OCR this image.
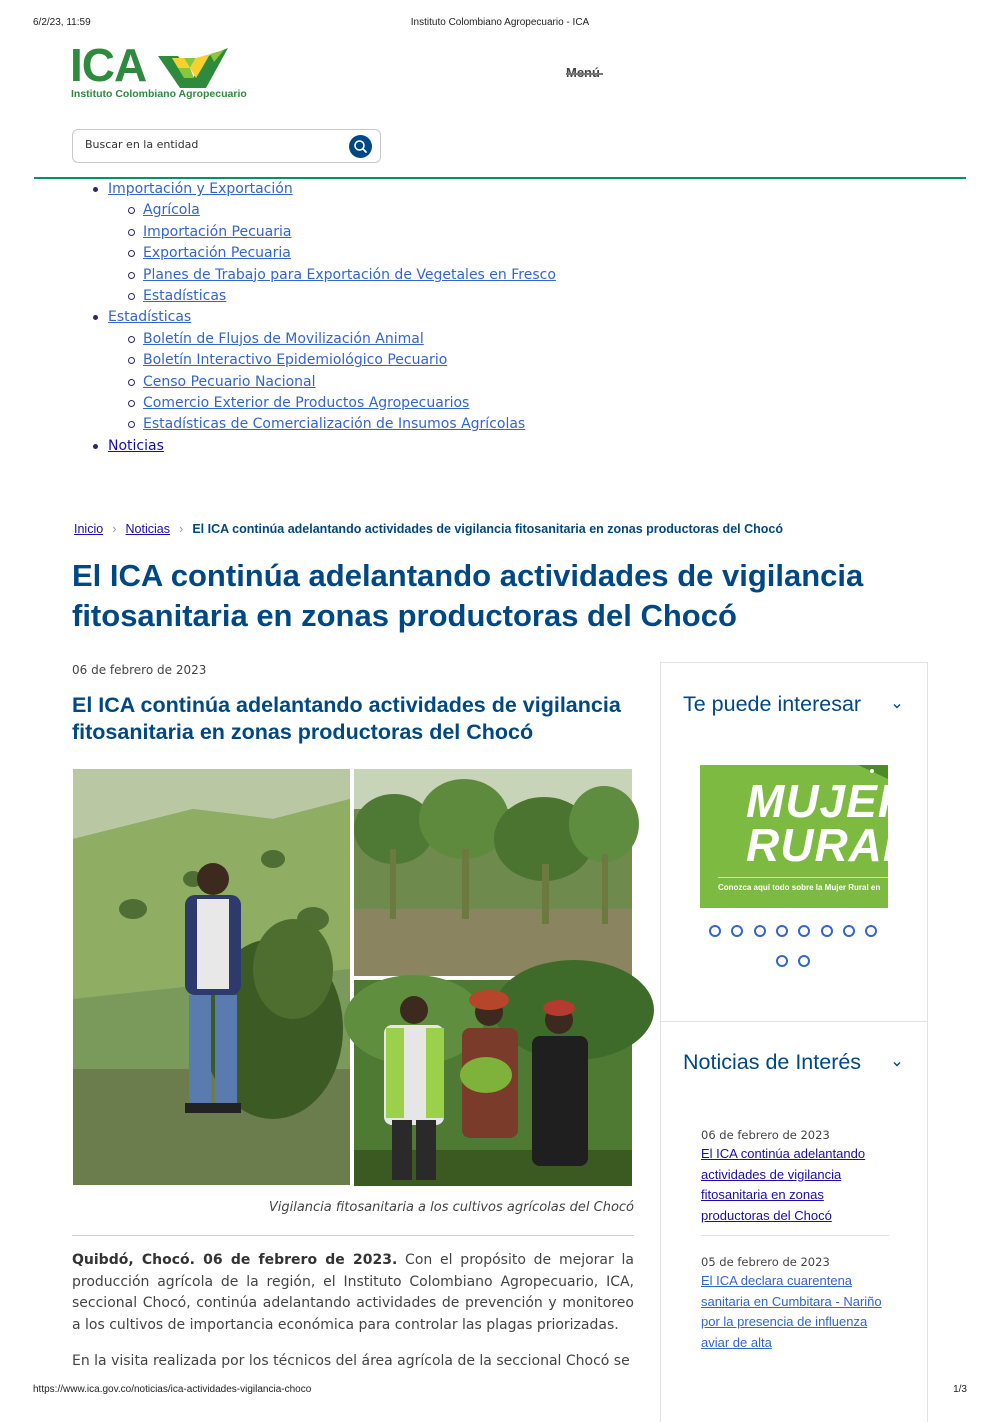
6/2/23, 11:59	Instituto Colombiano Agropecuario - ICA
ICA
Instituto Colombiano Agropecuario
Buscar en la entidad
Importación y Exportación
Agrícola
Importación Pecuaria
Exportación Pecuaria
Planes de Trabajo para Exportación de Vegetales en Fresco
Estadísticas
Estadísticas
Boletín de Flujos de Movilización Animal
Boletín Interactivo Epidemiológico Pecuario
Censo Pecuario Nacional
Comercio Exterior de Productos Agropecuarios
Estadísticas de Comercialización de Insumos Agrícolas
Noticias
Inicio › Noticias › El ICA continúa adelantando actividades de vigilancia fitosanitaria en zonas productoras del Chocó
El ICA continúa adelantando actividades de vigilancia fitosanitaria en zonas productoras del Chocó
06 de febrero de 2023
El ICA continúa adelantando actividades de vigilancia fitosanitaria en zonas productoras del Chocó
Vigilancia fitosanitaria a los cultivos agrícolas del Chocó

Quibdó, Chocó. 06 de febrero de 2023. Con el propósito de mejorar la producción agrícola de la región, el Instituto Colombiano Agropecuario, ICA, seccional Chocó, continúa adelantando actividades de prevención y monitoreo a los cultivos de importancia económica para controlar las plagas priorizadas.

En la visita realizada por los técnicos del área agrícola de la seccional Chocó se

Te puede interesar
MUJER
RURAL
Conozca aquí todo sobre la Mujer Rural en
Noticias de Interés
06 de febrero de 2023
El ICA continúa adelantando actividades de vigilancia fitosanitaria en zonas productoras del Chocó
05 de febrero de 2023
El ICA declara cuarentena sanitaria en Cumbitara - Nariño por la presencia de influenza aviar de alta
https://www.ica.gov.co/noticias/ica-actividades-vigilancia-choco	1/3
